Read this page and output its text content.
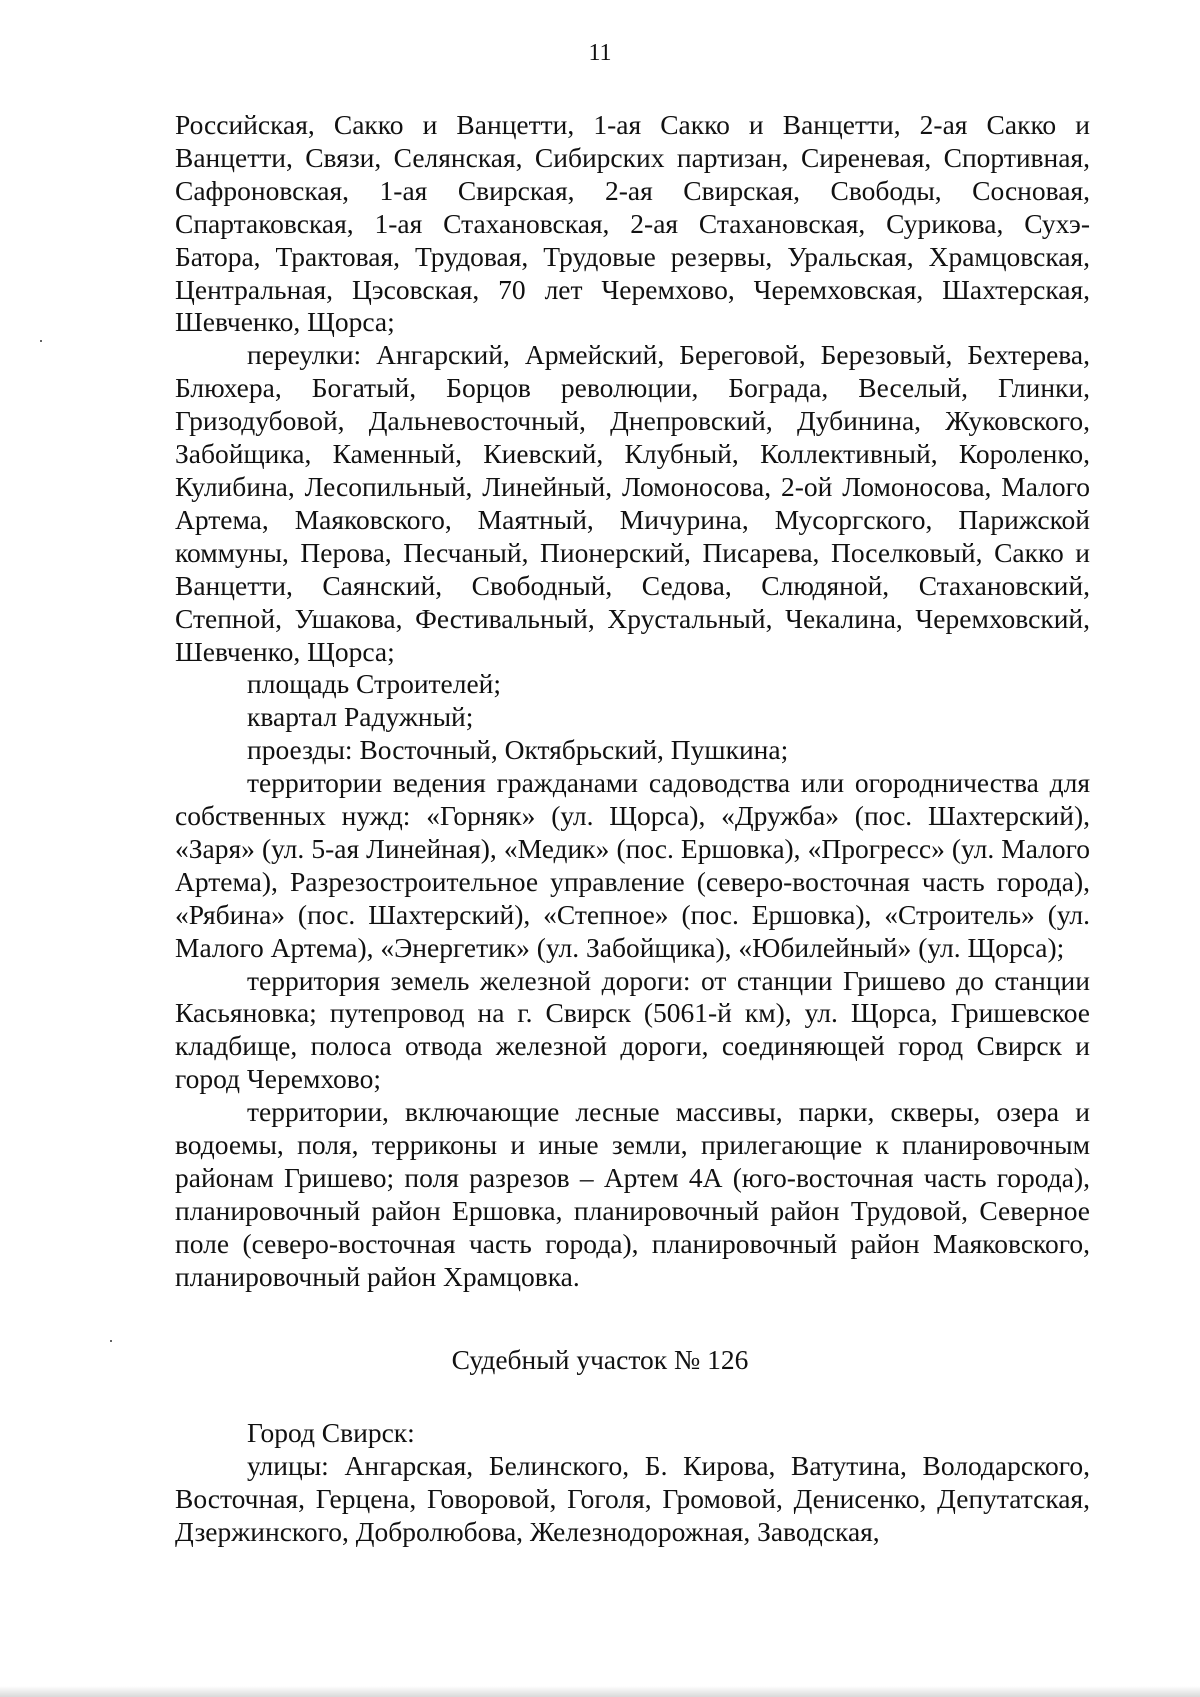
11

Российская, Сакко и Ванцетти, 1-ая Сакко и Ванцетти, 2-ая Сакко и Ванцетти, Связи, Селянская, Сибирских партизан, Сиреневая, Спортивная, Сафроновская, 1-ая Свирская, 2-ая Свирская, Свободы, Сосновая, Спартаковская, 1-ая Стахановская, 2-ая Стахановская, Сурикова, Сухэ-Батора, Трактовая, Трудовая, Трудовые резервы, Уральская, Храмцовская, Центральная, Цэсовская, 70 лет Черемхово, Черемховская, Шахтерская, Шевченко, Щорса;

переулки: Ангарский, Армейский, Береговой, Березовый, Бехтерева, Блюхера, Богатый, Борцов революции, Бограда, Веселый, Глинки, Гризодубовой, Дальневосточный, Днепровский, Дубинина, Жуковского, Забойщика, Каменный, Киевский, Клубный, Коллективный, Короленко, Кулибина, Лесопильный, Линейный, Ломоносова, 2-ой Ломоносова, Малого Артема, Маяковского, Маятный, Мичурина, Мусоргского, Парижской коммуны, Перова, Песчаный, Пионерский, Писарева, Поселковый, Сакко и Ванцетти, Саянский, Свободный, Седова, Слюдяной, Стахановский, Степной, Ушакова, Фестивальный, Хрустальный, Чекалина, Черемховский, Шевченко, Щорса;

площадь Строителей;

квартал Радужный;

проезды: Восточный, Октябрьский, Пушкина;

территории ведения гражданами садоводства или огородничества для собственных нужд: «Горняк» (ул. Щорса), «Дружба» (пос. Шахтерский), «Заря» (ул. 5-ая Линейная), «Медик» (пос. Ершовка), «Прогресс» (ул. Малого Артема), Разрезостроительное управление (северо-восточная часть города), «Рябина» (пос. Шахтерский), «Степное» (пос. Ершовка), «Строитель» (ул. Малого Артема), «Энергетик» (ул. Забойщика), «Юбилейный» (ул. Щорса);

территория земель железной дороги: от станции Гришево до станции Касьяновка; путепровод на г. Свирск (5061-й км), ул. Щорса, Гришевское кладбище, полоса отвода железной дороги, соединяющей город Свирск и город Черемхово;

территории, включающие лесные массивы, парки, скверы, озера и водоемы, поля, терриконы и иные земли, прилегающие к планировочным районам Гришево; поля разрезов – Артем 4А (юго-восточная часть города), планировочный район Ершовка, планировочный район Трудовой, Северное поле (северо-восточная часть города), планировочный район Маяковского, планировочный район Храмцовка.

Судебный участок № 126

Город Свирск:

улицы: Ангарская, Белинского, Б. Кирова, Ватутина, Володарского, Восточная, Герцена, Говоровой, Гоголя, Громовой, Денисенко, Депутатская, Дзержинского, Добролюбова, Железнодорожная, Заводская,
